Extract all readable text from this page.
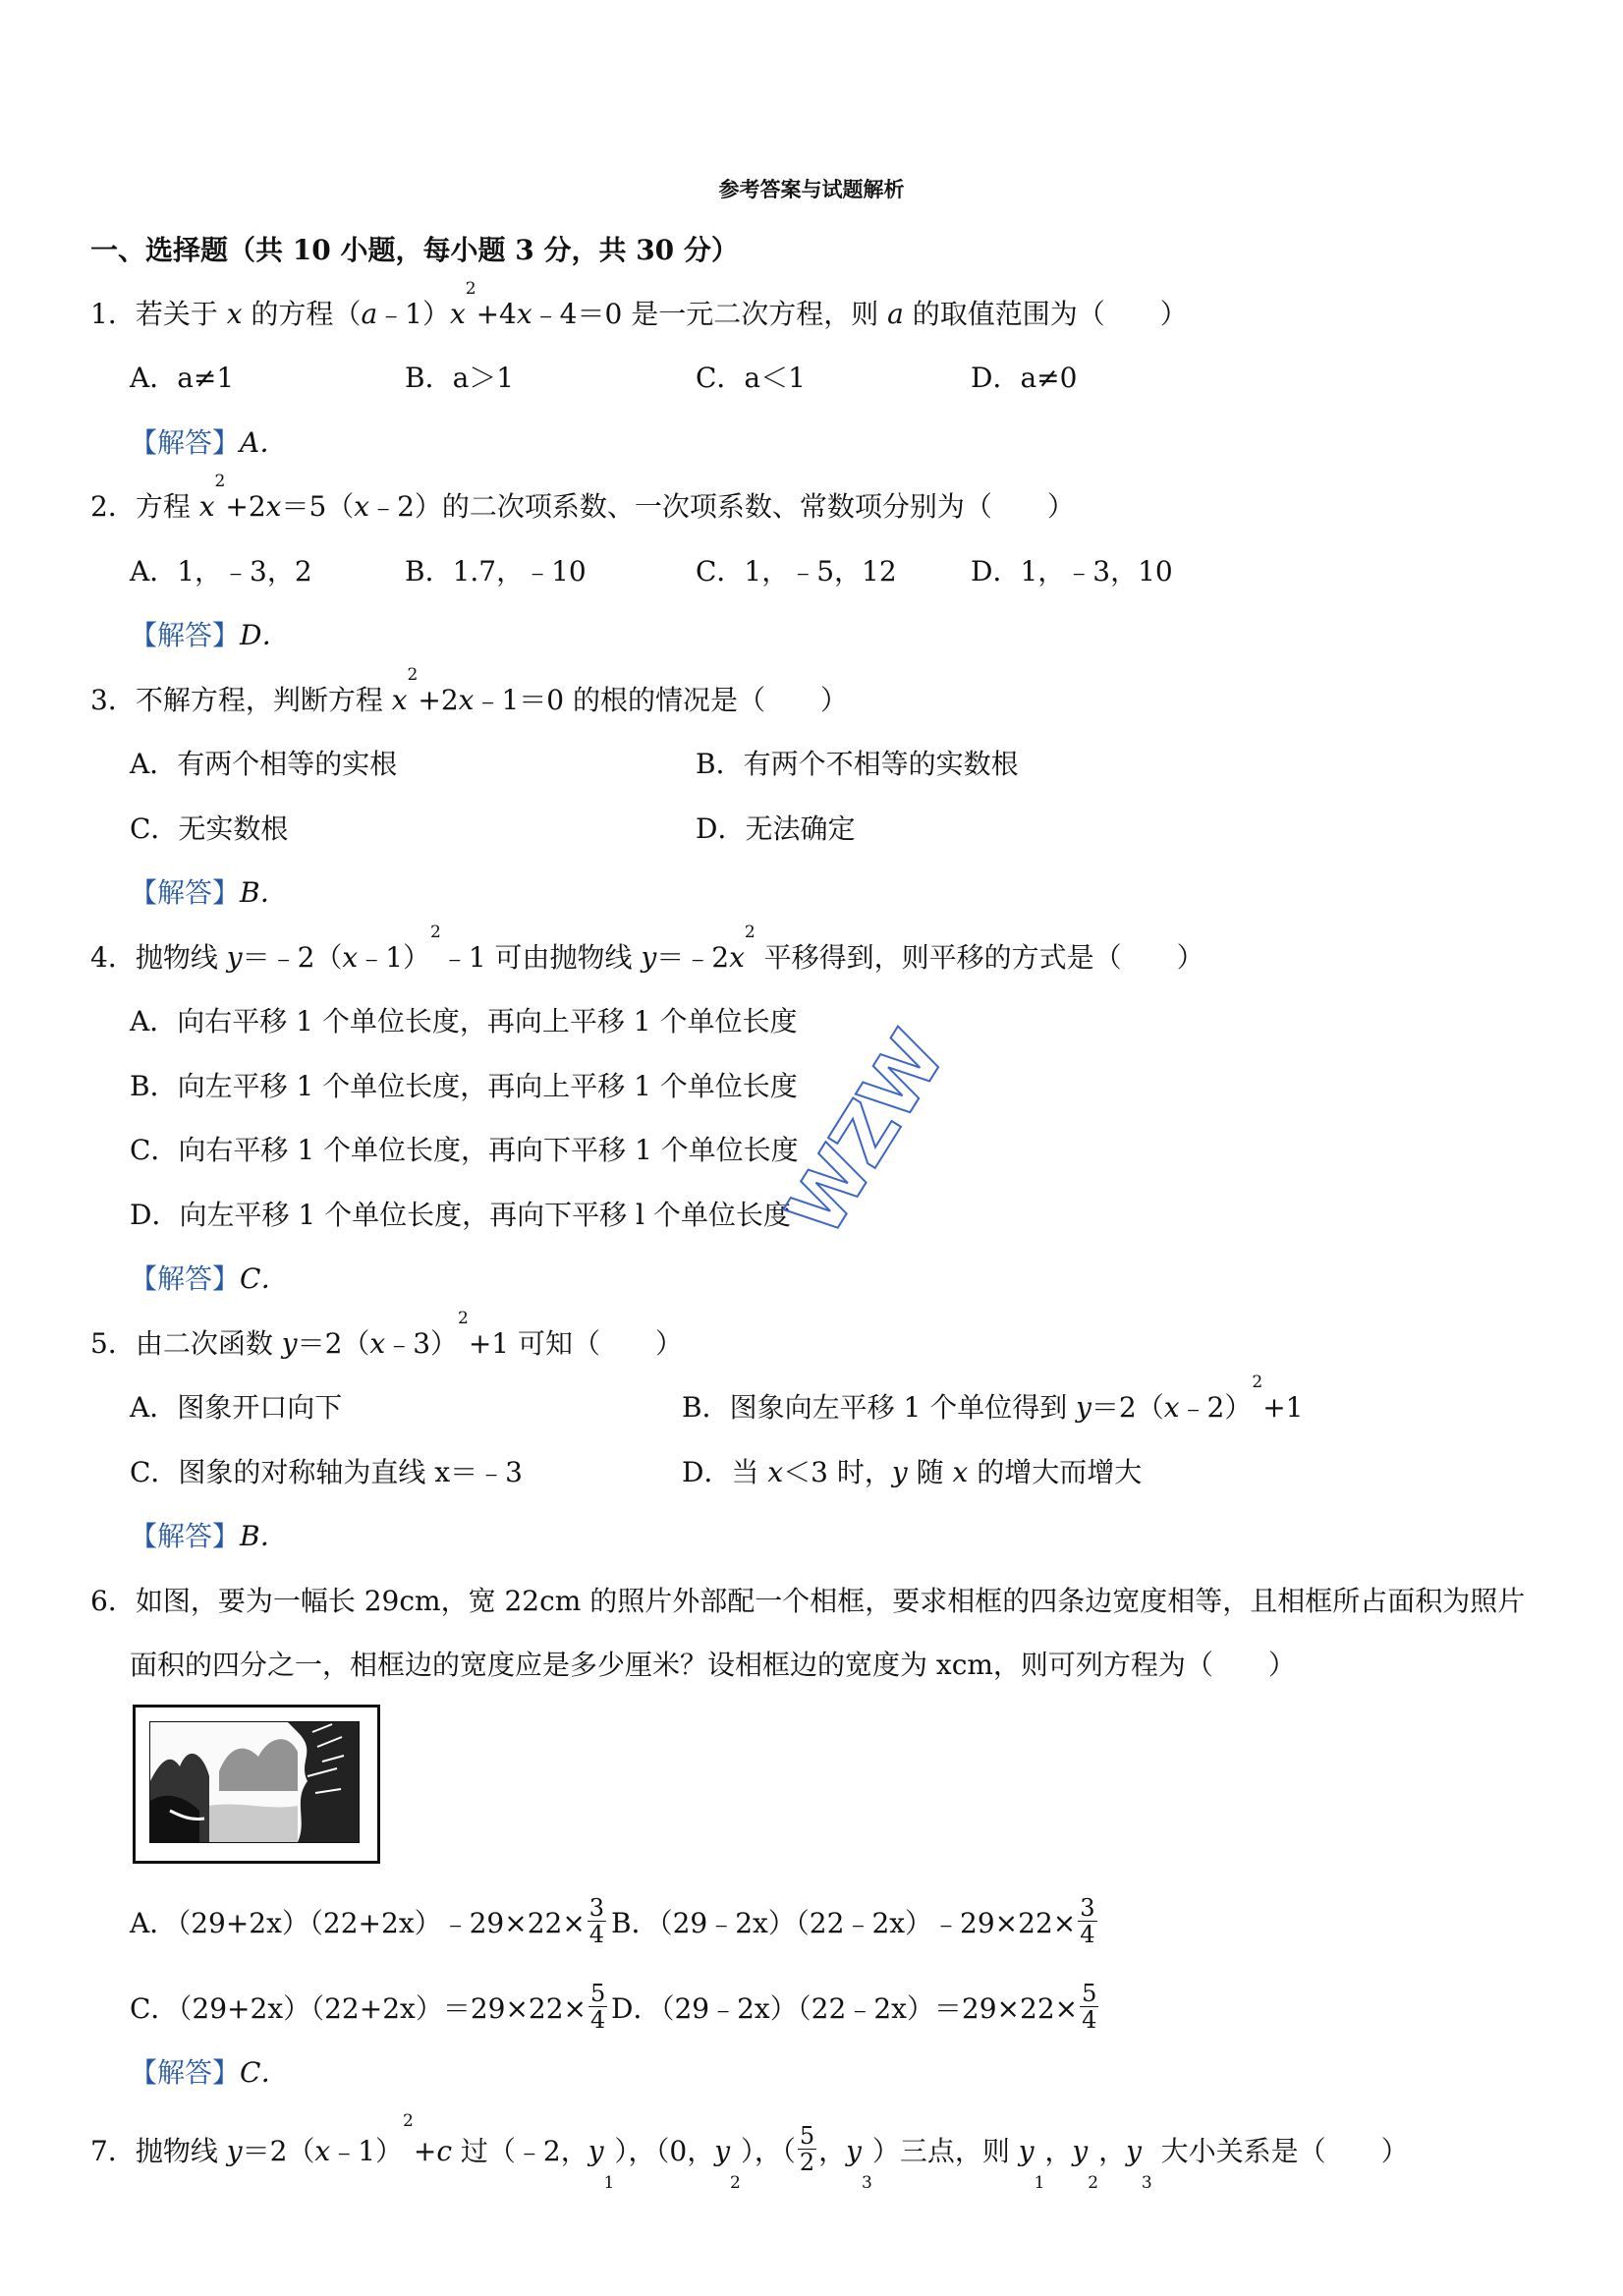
参考答案与试题解析
一、选择题（共 10 小题，每小题 3 分，共 30 分）
1．若关于 x 的方程$(a﹣1)x^2+4x﹣4=0$ 是一元二次方程，则 a 的取值范围为（　　）
A．a≠1	B．a＞1	C．a＜1	D．a≠0
【解答】A．
2．方程 $x^2+2x=5(x﹣2)$的二次项系数、一次项系数、常数项分别为（　　）
A．1，﹣3，2	B．1.7，﹣10	C．1，﹣5，12	D．1，﹣3，10
【解答】D．
3．不解方程，判断方程 $x^2+2x﹣1=0$ 的根的情况是（　　）
A．有两个相等的实根	B．有两个不相等的实数根
C．无实数根	D．无法确定
【解答】B．
4．抛物线 y＝﹣2（x﹣1）$^2$﹣1 可由抛物线 $y=﹣2x^2$ 平移得到，则平移的方式是（　　）
A．向右平移 1 个单位长度，再向上平移 1 个单位长度
B．向左平移 1 个单位长度，再向上平移 1 个单位长度
C．向右平移 1 个单位长度，再向下平移 1 个单位长度
D．向左平移 1 个单位长度，再向下平移 l 个单位长度
【解答】C．
WZW
5．由二次函数 y＝2（x﹣3）$^2$+1 可知（　　）
A．图象开口向下	B．图象向左平移 1 个单位得到 y＝2（x﹣2）$^2$+1
C．图象的对称轴为直线 x＝﹣3	D．当 x＜3 时，y 随 x 的增大而增大
【解答】B．
6．如图，要为一幅长 29cm，宽 22cm 的照片外部配一个相框，要求相框的四条边宽度相等，且相框所占面积为照片
面积的四分之一，相框边的宽度应是多少厘米？设相框边的宽度为 xcm，则可列方程为（　　）
A．（29+2x）（22+2x）﹣29×22× $\frac{3}{4}$ B．（29﹣2x）（22﹣2x）﹣29×22× $\frac{3}{4}$
C．$(29+2x)(22+2x)=29\times 22\times \frac{5}{4}$ D．（29﹣2x）（22﹣2x）＝29×22× $\frac{5}{4}$
【解答】C．
7．抛物线 y＝2（x﹣1）$^2$+c 过（﹣2，$y_1$），（0，$y_2$），（ $\frac{5}{2}$ ，$y_3$）三点，则 $y_1$，$y_2$，$y_3$ 大小关系是（　　）
